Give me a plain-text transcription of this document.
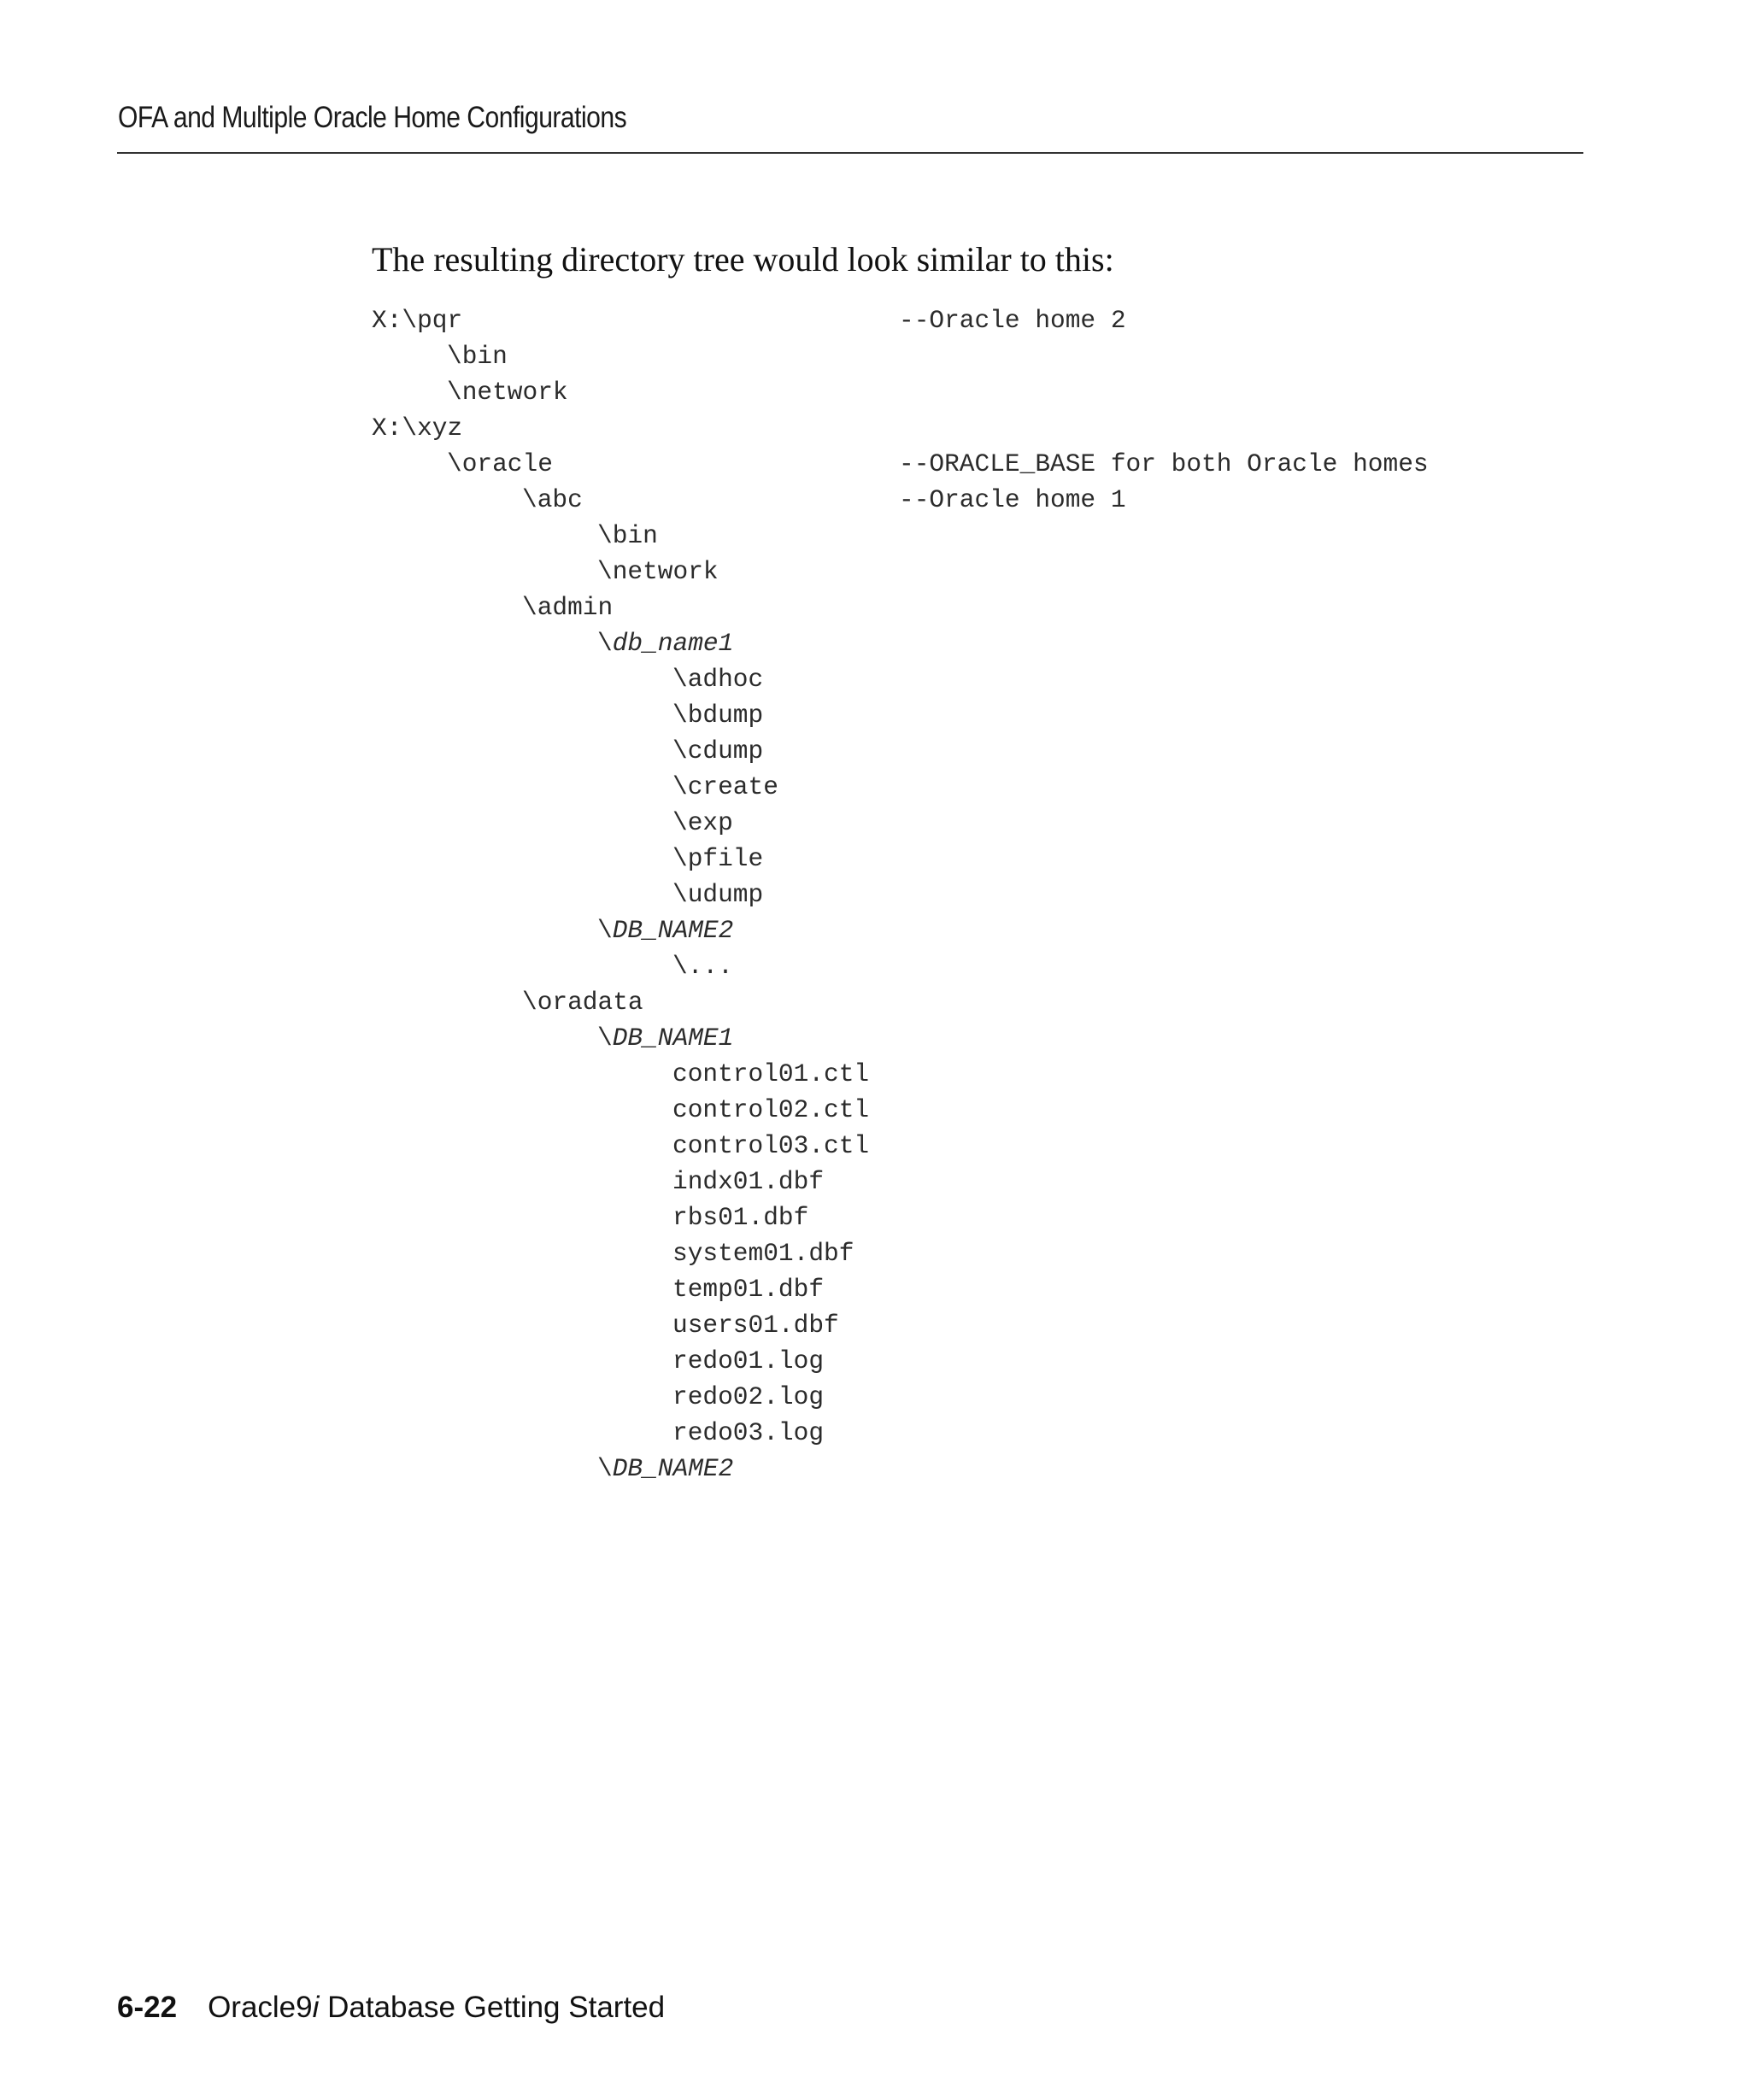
OFA and Multiple Oracle Home Configurations
The resulting directory tree would look similar to this:
X:\pqr	--Oracle home 2
\bin
\network
X:\xyz
\oracle	--ORACLE_BASE for both Oracle homes
\abc	--Oracle home 1
\bin
\network
\admin
\db_name1
\adhoc
\bdump
\cdump
\create
\exp
\pfile
\udump
\DB_NAME2
\...
\oradata
\DB_NAME1
control01.ctl
control02.ctl
control03.ctl
indx01.dbf
rbs01.dbf
system01.dbf
temp01.dbf
users01.dbf
redo01.log
redo02.log
redo03.log
\DB_NAME2
6-22 Oracle9i Database Getting Started
